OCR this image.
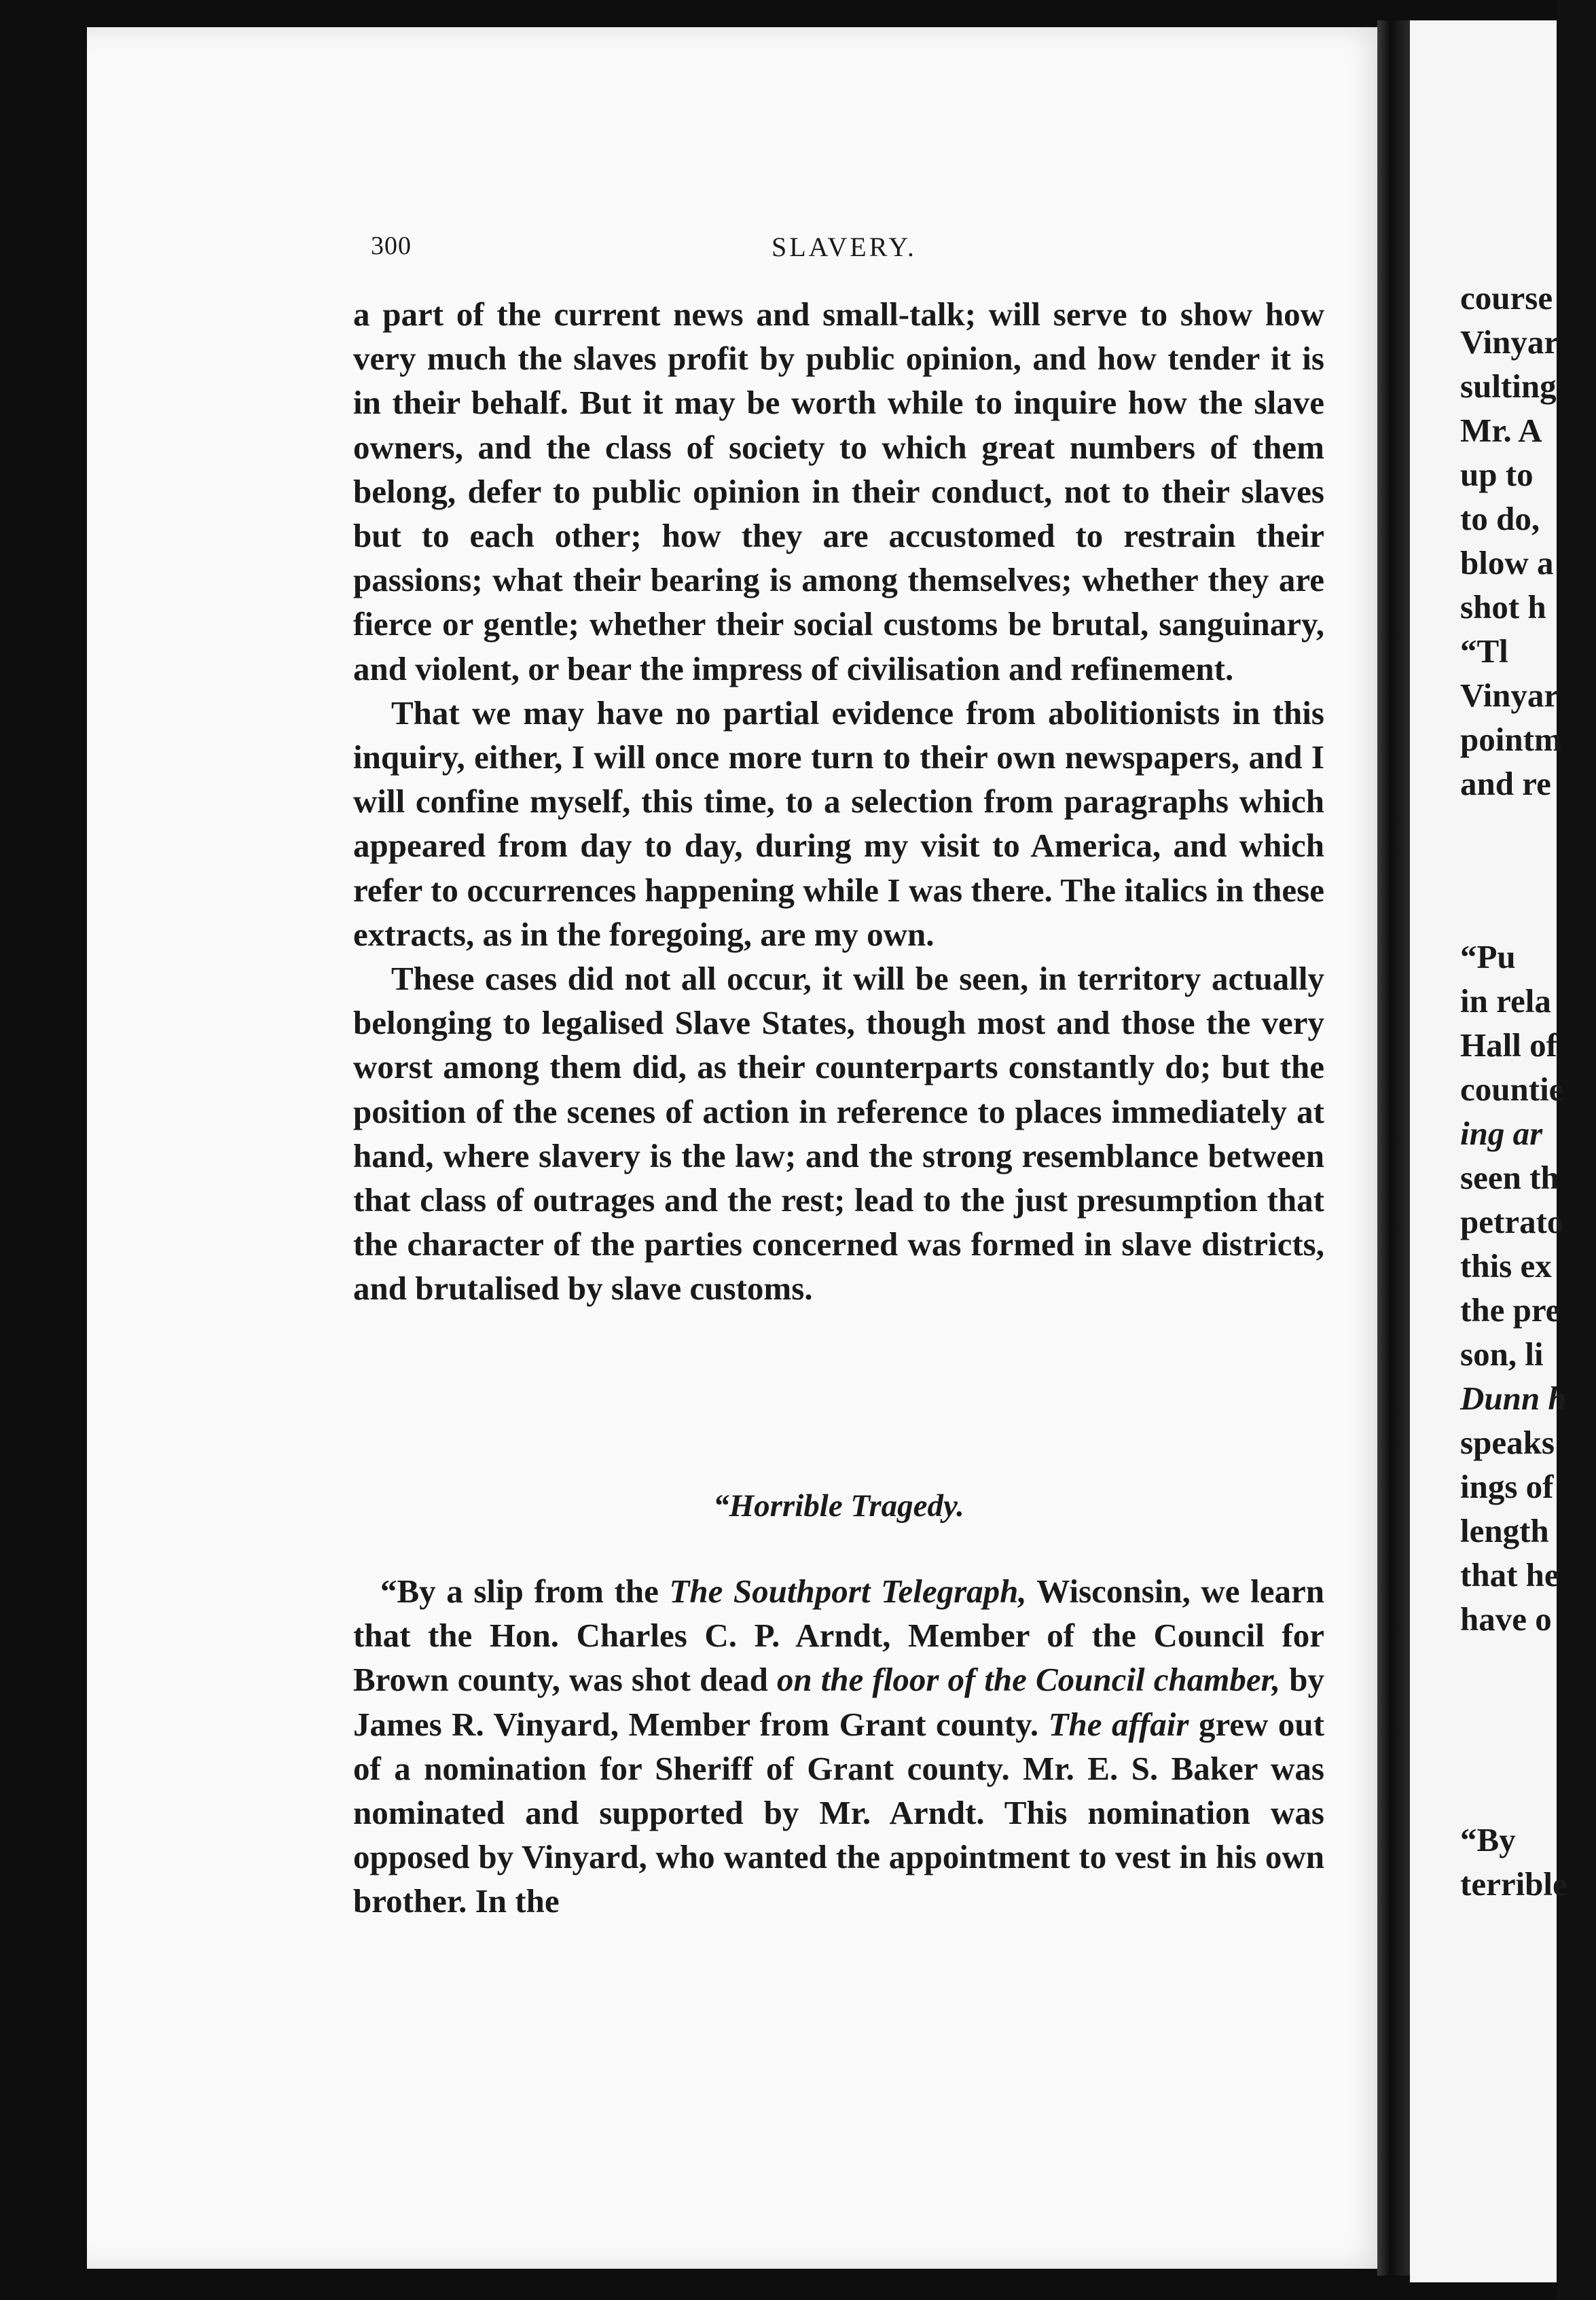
300	SLAVERY.

a part of the current news and small-talk; will serve to show how very much the slaves profit by public opinion, and how tender it is in their behalf. But it may be worth while to inquire how the slave owners, and the class of society to which great numbers of them belong, defer to public opinion in their conduct, not to their slaves but to each other; how they are accustomed to restrain their passions; what their bearing is among themselves; whether they are fierce or gentle; whether their social customs be brutal, sanguinary, and violent, or bear the impress of civilisation and refinement.

That we may have no partial evidence from abolitionists in this inquiry, either, I will once more turn to their own newspapers, and I will confine myself, this time, to a selection from paragraphs which appeared from day to day, during my visit to America, and which refer to occurrences happening while I was there. The italics in these extracts, as in the foregoing, are my own.

These cases did not all occur, it will be seen, in territory actually belonging to legalised Slave States, though most and those the very worst among them did, as their counterparts constantly do; but the position of the scenes of action in reference to places immediately at hand, where slavery is the law; and the strong resemblance between that class of outrages and the rest; lead to the just presumption that the character of the parties concerned was formed in slave districts, and brutalised by slave customs.

“Horrible Tragedy.

“By a slip from the The Southport Telegraph, Wisconsin, we learn that the Hon. Charles C. P. Arndt, Member of the Council for Brown county, was shot dead on the floor of the Council chamber, by James R. Vinyard, Member from Grant county. The affair grew out of a nomination for Sheriff of Grant county. Mr. E. S. Baker was nominated and supported by Mr. Arndt. This nomination was opposed by Vinyard, who wanted the appointment to vest in his own brother. In the

course
Vinyar
sulting
Mr. A
up to
to do,
blow a
shot h
“Tl
Vinyar
pointm
and re
“Pu
in rela
Hall of
countie
ing ar
seen th
petrato
this ex
the pre
son, li
Dunn h
speaks
ings of
length
that he
have o
“By
terrible
